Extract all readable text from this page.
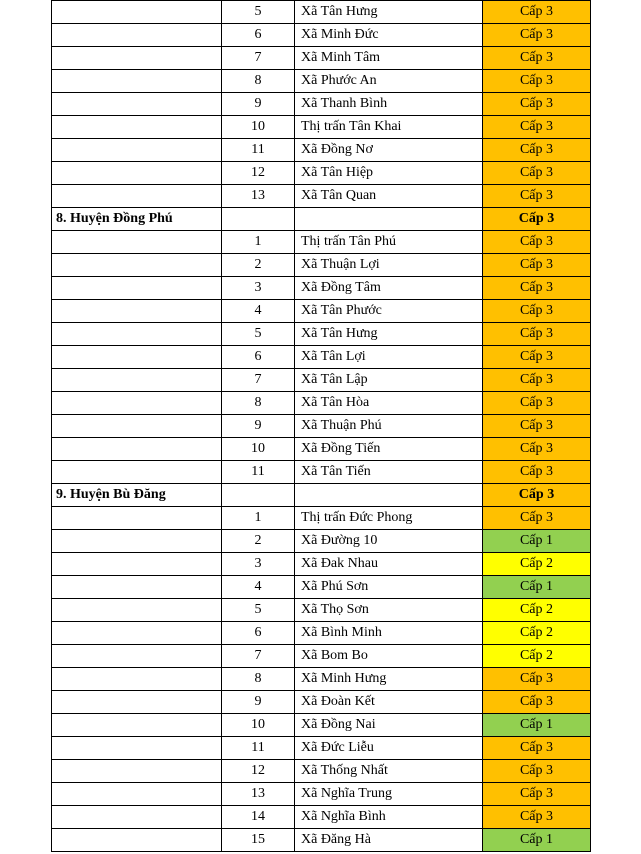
	5	Xã Tân Hưng	Cấp 3
	6	Xã Minh Đức	Cấp 3
	7	Xã Minh Tâm	Cấp 3
	8	Xã Phước An	Cấp 3
	9	Xã Thanh Bình	Cấp 3
	10	Thị trấn Tân Khai	Cấp 3
	11	Xã Đồng Nơ	Cấp 3
	12	Xã Tân Hiệp	Cấp 3
	13	Xã Tân Quan	Cấp 3
8. Huyện Đồng Phú			Cấp 3
	1	Thị trấn Tân Phú	Cấp 3
	2	Xã Thuận Lợi	Cấp 3
	3	Xã Đồng Tâm	Cấp 3
	4	Xã Tân Phước	Cấp 3
	5	Xã Tân Hưng	Cấp 3
	6	Xã Tân Lợi	Cấp 3
	7	Xã Tân Lập	Cấp 3
	8	Xã Tân Hòa	Cấp 3
	9	Xã Thuận Phú	Cấp 3
	10	Xã Đồng Tiến	Cấp 3
	11	Xã Tân Tiến	Cấp 3
9. Huyện Bù Đăng			Cấp 3
	1	Thị trấn Đức Phong	Cấp 3
	2	Xã Đường 10	Cấp 1
	3	Xã Đak Nhau	Cấp 2
	4	Xã Phú Sơn	Cấp 1
	5	Xã Thọ Sơn	Cấp 2
	6	Xã Bình Minh	Cấp 2
	7	Xã Bom Bo	Cấp 2
	8	Xã Minh Hưng	Cấp 3
	9	Xã Đoàn Kết	Cấp 3
	10	Xã Đồng Nai	Cấp 1
	11	Xã Đức Liễu	Cấp 3
	12	Xã Thống Nhất	Cấp 3
	13	Xã Nghĩa Trung	Cấp 3
	14	Xã Nghĩa Bình	Cấp 3
	15	Xã Đăng Hà	Cấp 1
